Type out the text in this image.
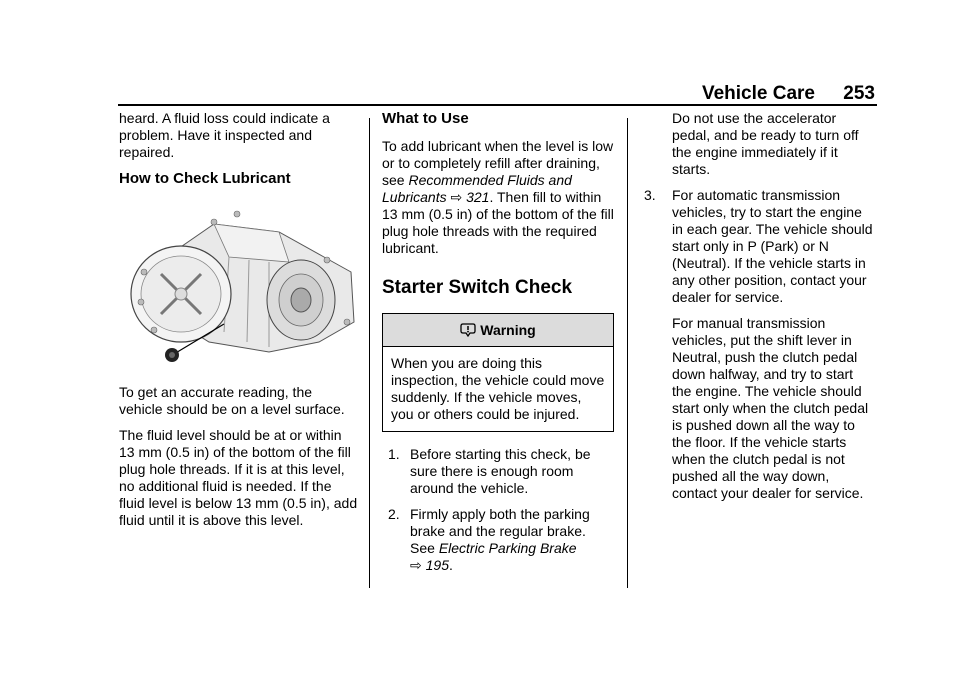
Vehicle Care 253

heard. A fluid loss could indicate a problem. Have it inspected and repaired.

How to Check Lubricant

To get an accurate reading, the vehicle should be on a level surface.

The fluid level should be at or within 13 mm (0.5 in) of the bottom of the fill plug hole threads. If it is at this level, no additional fluid is needed. If the fluid level is below 13 mm (0.5 in), add fluid until it is above this level.

What to Use

To add lubricant when the level is low or to completely refill after draining, see Recommended Fluids and Lubricants ⇨ 321. Then fill to within 13 mm (0.5 in) of the bottom of the fill plug hole threads with the required lubricant.

Starter Switch Check
Warning
When you are doing this inspection, the vehicle could move suddenly. If the vehicle moves, you or others could be injured.
1. Before starting this check, be sure there is enough room around the vehicle.
2. Firmly apply both the parking brake and the regular brake. See Electric Parking Brake
⇨ 195.

Do not use the accelerator pedal, and be ready to turn off the engine immediately if it starts.

3. For automatic transmission vehicles, try to start the engine in each gear. The vehicle should start only in P (Park) or N (Neutral). If the vehicle starts in any other position, contact your dealer for service.

For manual transmission vehicles, put the shift lever in Neutral, push the clutch pedal down halfway, and try to start the engine. The vehicle should start only when the clutch pedal is pushed down all the way to the floor. If the vehicle starts when the clutch pedal is not pushed all the way down, contact your dealer for service.
